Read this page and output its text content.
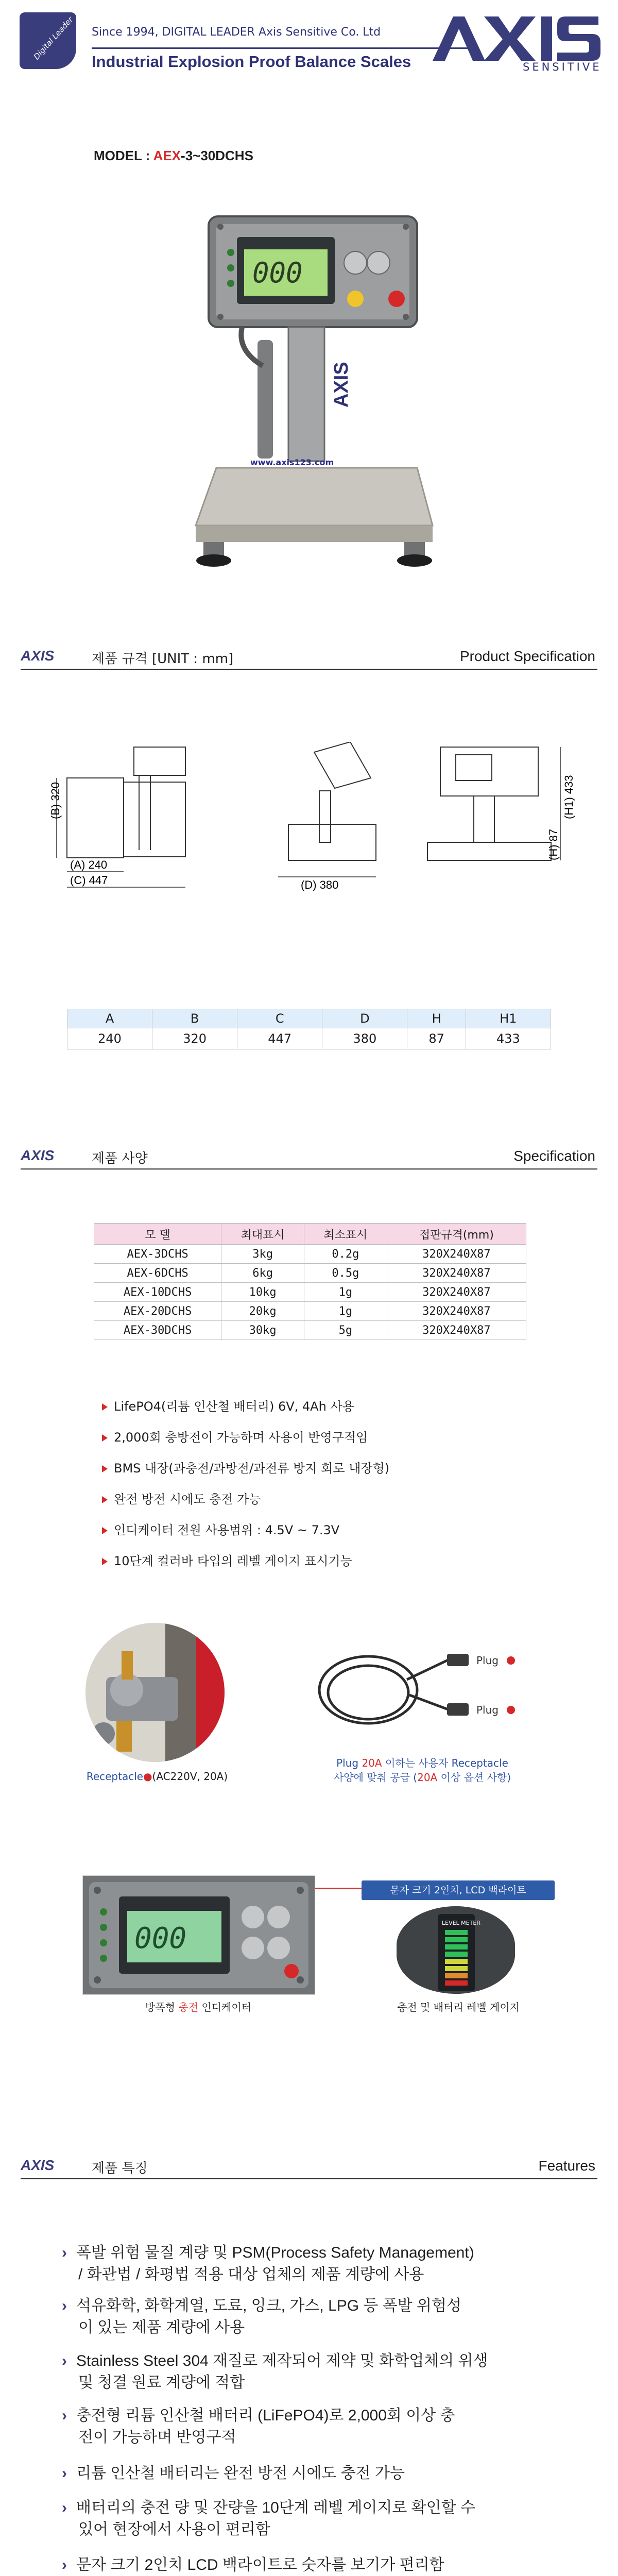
Digital Leader Since 1994, DIGITAL LEADER Axis Sensitive Co. Ltd
Industrial Explosion Proof Balance Scales	SENSITIVE
MODEL : AEX-3~30DCHS
000
AXIS
www.axis123.com
AXIS	제품 규격 [UNIT : mm]	Product Specification
(B) 320
(A) 240
(C) 447	(D) 380
(H) 87
(H1) 433
A	B	C	D	H	H1
240	320	447	380	87	433
AXIS	제품 사양	Specification
모 델	최대표시	최소표시	접판규격(mm)
AEX-3DCHS	3kg	0.2g	320X240X87
AEX-6DCHS	6kg	0.5g	320X240X87
AEX-10DCHS	10kg	1g	320X240X87
AEX-20DCHS	20kg	1g	320X240X87
AEX-30DCHS	30kg	5g	320X240X87
LifePO4(리튬 인산철 배터리) 6V, 4Ah 사용
2,000회 충방전이 가능하며 사용이 반영구적임
BMS 내장(과충전/과방전/과전류 방지 회로 내장형)
완전 방전 시에도 충전 가능
인디케이터 전원 사용범위 : 4.5V ~ 7.3V
10단계 컬러바 타입의 레벨 게이지 표시기능
Receptacle●(AC220V, 20A)
Plug
Plug
Plug 20A 이하는 사용자 Receptacle
사양에 맞춰 공급 (20A 이상 옵션 사항)
문자 크기 2인치, LCD 백라이트
000
방폭형 충전 인디케이터
LEVEL METER
충전 및 배터리 레벨 게이지
AXIS	제품 특징	Features
› 폭발 위험 물질 계량 및 PSM(Process Safety Management)
/ 화관법 / 화평법 적용 대상 업체의 제품 계량에 사용
› 석유화학, 화학계열, 도료, 잉크, 가스, LPG 등 폭발 위험성
이 있는 제품 계량에 사용
› Stainless Steel 304 재질로 제작되어 제약 및 화학업체의 위생
및 청결 원료 계량에 적합
› 충전형 리튬 인산철 배터리 (LiFePO4)로 2,000회 이상 충
전이 가능하며 반영구적
› 리튬 인산철 배터리는 완전 방전 시에도 충전 가능
› 배터리의 충전 량 및 잔량을 10단계 레벨 게이지로 확인할 수
있어 현장에서 사용이 편리함
› 문자 크기 2인치 LCD 백라이트로 숫자를 보기가 편리함
